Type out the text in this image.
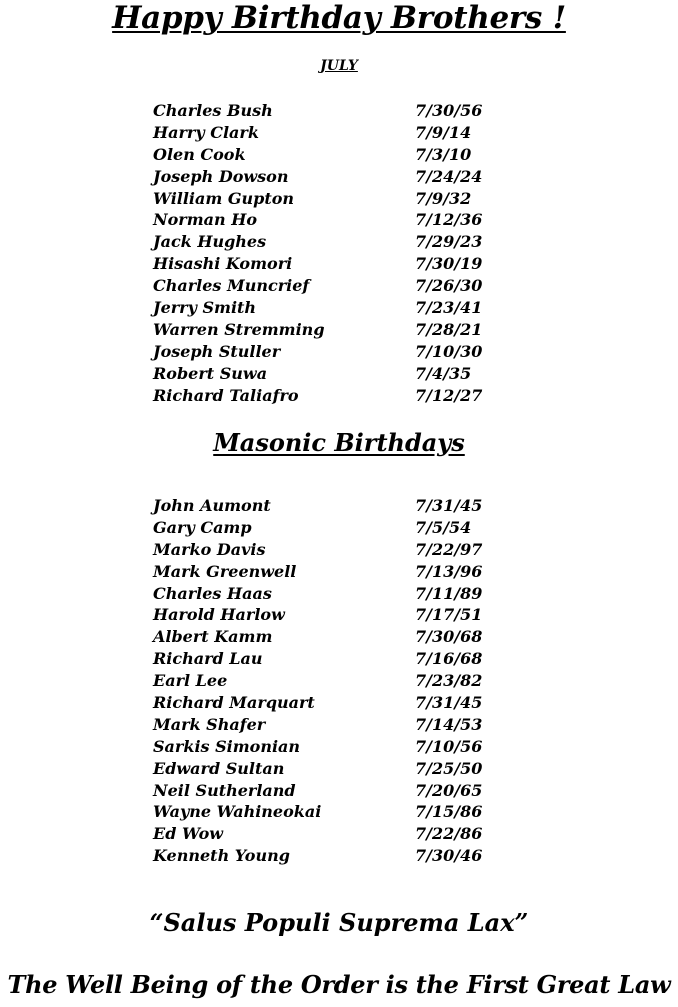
Happy Birthday Brothers !
JULY
Charles Bush	7/30/56
Harry Clark	7/9/14
Olen Cook	7/3/10
Joseph Dowson	7/24/24
William Gupton	7/9/32
Norman Ho	7/12/36
Jack Hughes	7/29/23
Hisashi Komori	7/30/19
Charles Muncrief	7/26/30
Jerry Smith	7/23/41
Warren Stremming	7/28/21
Joseph Stuller	7/10/30
Robert Suwa	7/4/35
Richard Taliafro	7/12/27
Masonic Birthdays
John Aumont	7/31/45
Gary Camp	7/5/54
Marko Davis	7/22/97
Mark Greenwell	7/13/96
Charles Haas	7/11/89
Harold Harlow	7/17/51
Albert Kamm	7/30/68
Richard Lau	7/16/68
Earl Lee	7/23/82
Richard Marquart	7/31/45
Mark Shafer	7/14/53
Sarkis Simonian	7/10/56
Edward Sultan	7/25/50
Neil Sutherland	7/20/65
Wayne Wahineokai	7/15/86
Ed Wow	7/22/86
Kenneth Young	7/30/46
“Salus Populi Suprema Lax”
The Well Being of the Order is the First Great Law
